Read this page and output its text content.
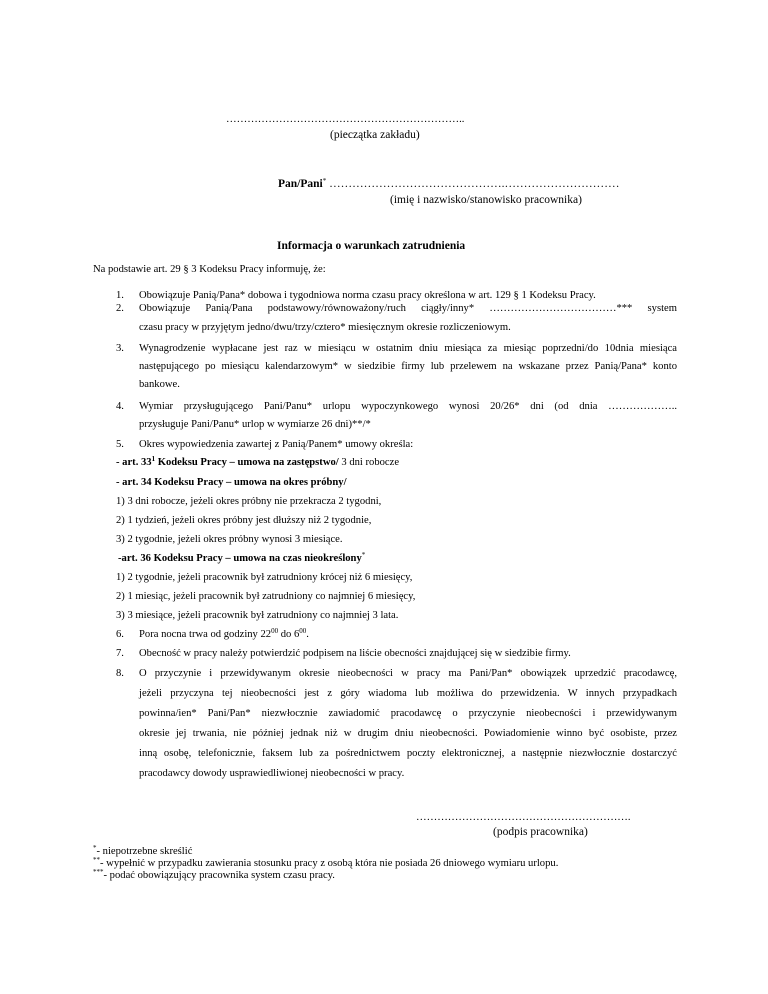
…………………………………………………………..
(pieczątka zakładu)
Pan/Pani* ……………………………………….…………………………
(imię i nazwisko/stanowisko pracownika)
Informacja o warunkach zatrudnienia
Na podstawie art. 29 § 3 Kodeksu Pracy informuję, że:
1. Obowiązuje Panią/Pana* dobowa i tygodniowa norma czasu pracy określona w art. 129 § 1 Kodeksu Pracy.
2. Obowiązuje Panią/Pana podstawowy/równoważony/ruch ciągły/inny* ………………………………*** system
czasu pracy w przyjętym jedno/dwu/trzy/cztero* miesięcznym okresie rozliczeniowym.
3. Wynagrodzenie wypłacane jest raz w miesiącu w ostatnim dniu miesiąca za miesiąc poprzedni/do 10dnia miesiąca
następującego po miesiącu kalendarzowym* w siedzibie firmy lub przelewem na wskazane przez Panią/Pana* konto
bankowe.
4. Wymiar przysługującego Pani/Panu* urlopu wypoczynkowego wynosi 20/26* dni (od dnia ………………..
przysługuje Pani/Panu* urlop w wymiarze 26 dni)**/*
5. Okres wypowiedzenia zawartej z Panią/Panem* umowy określa:
- art. $33^1$ Kodeksu Pracy – umowa na zastępstwo/ 3 dni robocze
- art. 34 Kodeksu Pracy – umowa na okres próbny/
1) 3 dni robocze, jeżeli okres próbny nie przekracza 2 tygodni,
2) 1 tydzień, jeżeli okres próbny jest dłuższy niż 2 tygodnie,
3) 2 tygodnie, jeżeli okres próbny wynosi 3 miesiące.
-art. 36 Kodeksu Pracy – umowa na czas nieokreślony*
1) 2 tygodnie, jeżeli pracownik był zatrudniony krócej niż 6 miesięcy,
2) 1 miesiąc, jeżeli pracownik był zatrudniony co najmniej 6 miesięcy,
3) 3 miesiące, jeżeli pracownik był zatrudniony co najmniej 3 lata.
6. Pora nocna trwa od godziny $22^{00}$ do $6^{00}$.
7. Obecność w pracy należy potwierdzić podpisem na liście obecności znajdującej się w siedzibie firmy.
8. O przyczynie i przewidywanym okresie nieobecności w pracy ma Pani/Pan* obowiązek uprzedzić pracodawcę,
jeżeli przyczyna tej nieobecności jest z góry wiadoma lub możliwa do przewidzenia. W innych przypadkach
powinna/ien* Pani/Pan* niezwłocznie zawiadomić pracodawcę o przyczynie nieobecności i przewidywanym
okresie jej trwania, nie później jednak niż w drugim dniu nieobecności. Powiadomienie winno być osobiste, przez
inną osobę, telefonicznie, faksem lub za pośrednictwem poczty elektronicznej, a następnie niezwłocznie dostarczyć
pracodawcy dowody usprawiedliwionej nieobecności w pracy.
…………………………………………………….
(podpis pracownika)
*- niepotrzebne skreślić
**- wypełnić w przypadku zawierania stosunku pracy z osobą która nie posiada 26 dniowego wymiaru urlopu.
***- podać obowiązujący pracownika system czasu pracy.
